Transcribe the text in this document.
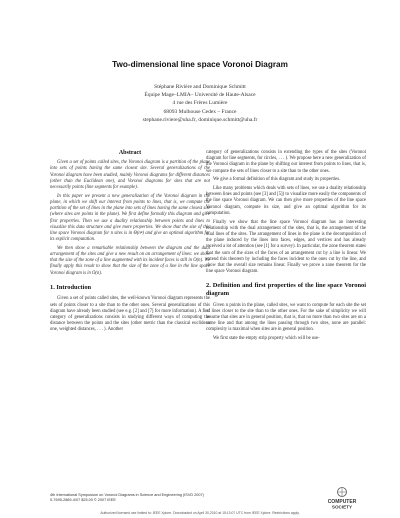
Two-dimensional line space Voronoi Diagram
Stéphane Rivière and Dominique Schmitt
Équipe Mage–LMIA– Université de Haute-Alsace
4 rue des Frères Lumière
68093 Mulhouse Cedex – France
stephane.riviere@uha.fr, dominique.schmitt@uha.fr
Abstract

Given a set of points called sites, the Voronoi diagram is a partition of the plane into sets of points having the same closest site. Several generalizations of the Voronoi diagram have been studied, mainly Voronoi diagrams for different distances (other than the Euclidean one), and Voronoi diagrams for sites that are not necessarily points (line segments for example).

In this paper we present a new generalization of the Voronoi diagram in the plane, in which we shift our interest from points to lines, that is, we compute the partition of the set of lines in the plane into sets of lines having the same closest site (where sites are points in the plane). We first define formally this diagram and give first properties. Then we use a duality relationship between points and lines to visualize this data structure and give more properties. We show that the size of this line space Voronoi diagram for n sites is in Θ(n⁴) and give an optimal algorithm for its explicit computation.

We then show a remarkable relationship between the diagram and the dual arrangement of the sites and give a new result on an arrangement of lines: we show that the size of the zone of a line augmented with its incident faces is still in O(n). We finally apply this result to show that the size of the zone of a line in the line space Voronoi diagram is in O(n).

1. Introduction

Given a set of points called sites, the well-known Voronoi diagram represents the sets of points closer to a site than to the other ones. Several generalizations of this diagram have already been studied (see e.g. [2] and [7] for more information). A first category of generalizations consists in studying different ways of computing the distance between the points and the sites (other metric than the classical euclidean one, weighted distances, . . . ). Another

category of generalizations consists in extending the types of the sites (Voronoi diagram for line segments, for circles, . . . ). We propose here a new generalization of the Voronoi diagram in the plane by shifting our interest from points to lines, that is, we compute the sets of lines closer to a site than to the other ones.

We give a formal definition of this diagram and study its properties.

Like many problems which deals with sets of lines, we use a duality relationship between lines and points (see [3] and [5]) to visualize more easily the components of the line space Voronoi diagram. We can then give more properties of the line space Voronoi diagram, compute its size, and give an optimal algorithm for its computation.

Finally we show that the line space Voronoi diagram has an interesting relationship with the dual arrangement of the sites, that is, the arrangement of the dual lines of the sites. The arrangement of lines in the plane is the decomposition of the plane induced by the lines into faces, edges, and vertices and has already received a lot of attention (see [1] for a survey). In particular, the zone theorem states that the sum of the sizes of the faces of an arrangement cut by a line is linear. We extend this theorem by including the faces incident to the ones cut by the line, and show that the overall size remains linear. Finally we prove a zone theorem for the line space Voronoi diagram.

2. Definition and first properties of the line space Voronoi diagram

Given n points in the plane, called sites, we want to compute for each site the set of lines closer to the site than to the other ones. For the sake of simplicity we will assume that sites are in general position, that is, that no more than two sites are on a same line and that among the lines passing through two sites, none are parallel: complexity is maximal when sites are in general position.

We first state the empty strip property which will be use-

4th International Symposium on Voronoi Diagrams in Science and Engineering (ISVD 2007)
0-7695-2869-4/07 $25.00 © 2007 IEEE	COMPUTER
SOCIETY
Authorized licensed use limited to: IEEE Xplore. Downloaded on April 30,2010 at 15:13:07 UTC from IEEE Xplore. Restrictions apply.
